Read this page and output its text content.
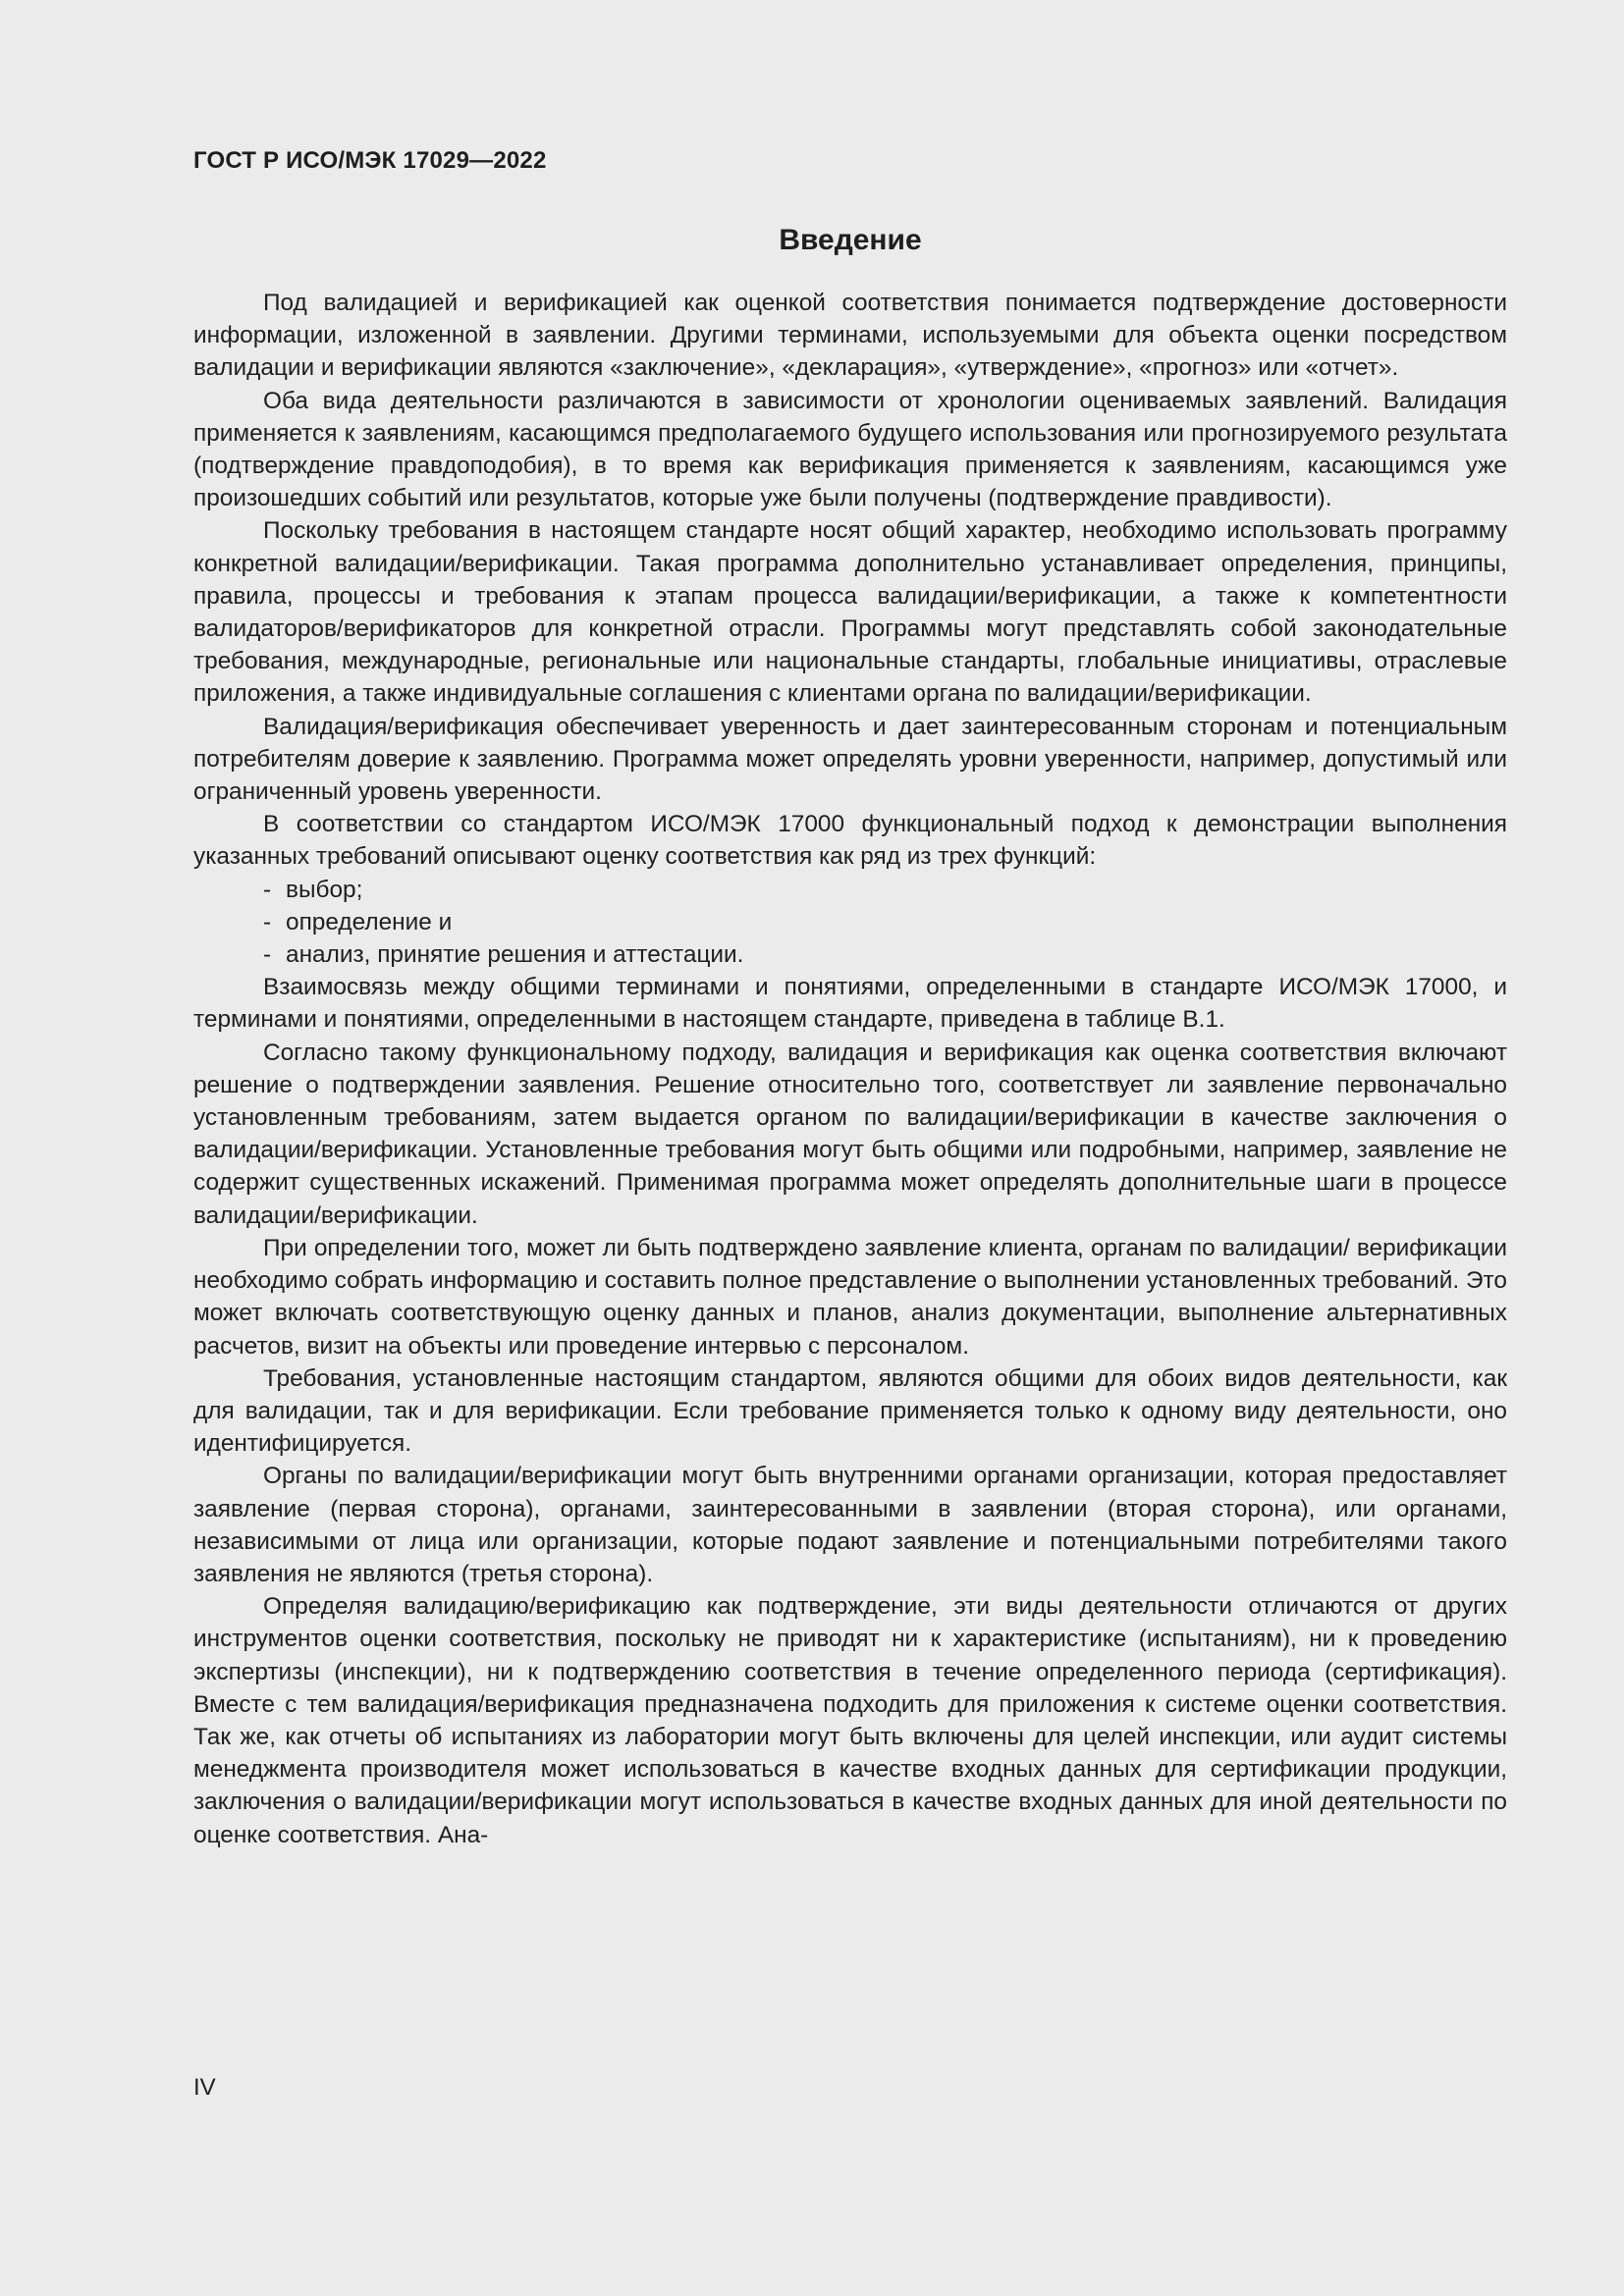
ГОСТ Р ИСО/МЭК 17029—2022

Введение

Под валидацией и верификацией как оценкой соответствия понимается подтверждение достоверности информации, изложенной в заявлении. Другими терминами, используемыми для объекта оценки посредством валидации и верификации являются «заключение», «декларация», «утверждение», «прогноз» или «отчет».

Оба вида деятельности различаются в зависимости от хронологии оцениваемых заявлений. Валидация применяется к заявлениям, касающимся предполагаемого будущего использования или прогнозируемого результата (подтверждение правдоподобия), в то время как верификация применяется к заявлениям, касающимся уже произошедших событий или результатов, которые уже были получены (подтверждение правдивости).

Поскольку требования в настоящем стандарте носят общий характер, необходимо использовать программу конкретной валидации/верификации. Такая программа дополнительно устанавливает определения, принципы, правила, процессы и требования к этапам процесса валидации/верификации, а также к компетентности валидаторов/верификаторов для конкретной отрасли. Программы могут представлять собой законодательные требования, международные, региональные или национальные стандарты, глобальные инициативы, отраслевые приложения, а также индивидуальные соглашения с клиентами органа по валидации/верификации.

Валидация/верификация обеспечивает уверенность и дает заинтересованным сторонам и потенциальным потребителям доверие к заявлению. Программа может определять уровни уверенности, например, допустимый или ограниченный уровень уверенности.

В соответствии со стандартом ИСО/МЭК 17000 функциональный подход к демонстрации выполнения указанных требований описывают оценку соответствия как ряд из трех функций:

- выбор;
- определение и
- анализ, принятие решения и аттестации.

Взаимосвязь между общими терминами и понятиями, определенными в стандарте ИСО/МЭК 17000, и терминами и понятиями, определенными в настоящем стандарте, приведена в таблице B.1.

Согласно такому функциональному подходу, валидация и верификация как оценка соответствия включают решение о подтверждении заявления. Решение относительно того, соответствует ли заявление первоначально установленным требованиям, затем выдается органом по валидации/верификации в качестве заключения о валидации/верификации. Установленные требования могут быть общими или подробными, например, заявление не содержит существенных искажений. Применимая программа может определять дополнительные шаги в процессе валидации/верификации.

При определении того, может ли быть подтверждено заявление клиента, органам по валидации/ верификации необходимо собрать информацию и составить полное представление о выполнении установленных требований. Это может включать соответствующую оценку данных и планов, анализ документации, выполнение альтернативных расчетов, визит на объекты или проведение интервью с персоналом.

Требования, установленные настоящим стандартом, являются общими для обоих видов деятельности, как для валидации, так и для верификации. Если требование применяется только к одному виду деятельности, оно идентифицируется.

Органы по валидации/верификации могут быть внутренними органами организации, которая предоставляет заявление (первая сторона), органами, заинтересованными в заявлении (вторая сторона), или органами, независимыми от лица или организации, которые подают заявление и потенциальными потребителями такого заявления не являются (третья сторона).

Определяя валидацию/верификацию как подтверждение, эти виды деятельности отличаются от других инструментов оценки соответствия, поскольку не приводят ни к характеристике (испытаниям), ни к проведению экспертизы (инспекции), ни к подтверждению соответствия в течение определенного периода (сертификация). Вместе с тем валидация/верификация предназначена подходить для приложения к системе оценки соответствия. Так же, как отчеты об испытаниях из лаборатории могут быть включены для целей инспекции, или аудит системы менеджмента производителя может использоваться в качестве входных данных для сертификации продукции, заключения о валидации/верификации могут использоваться в качестве входных данных для иной деятельности по оценке соответствия. Ана-

IV
